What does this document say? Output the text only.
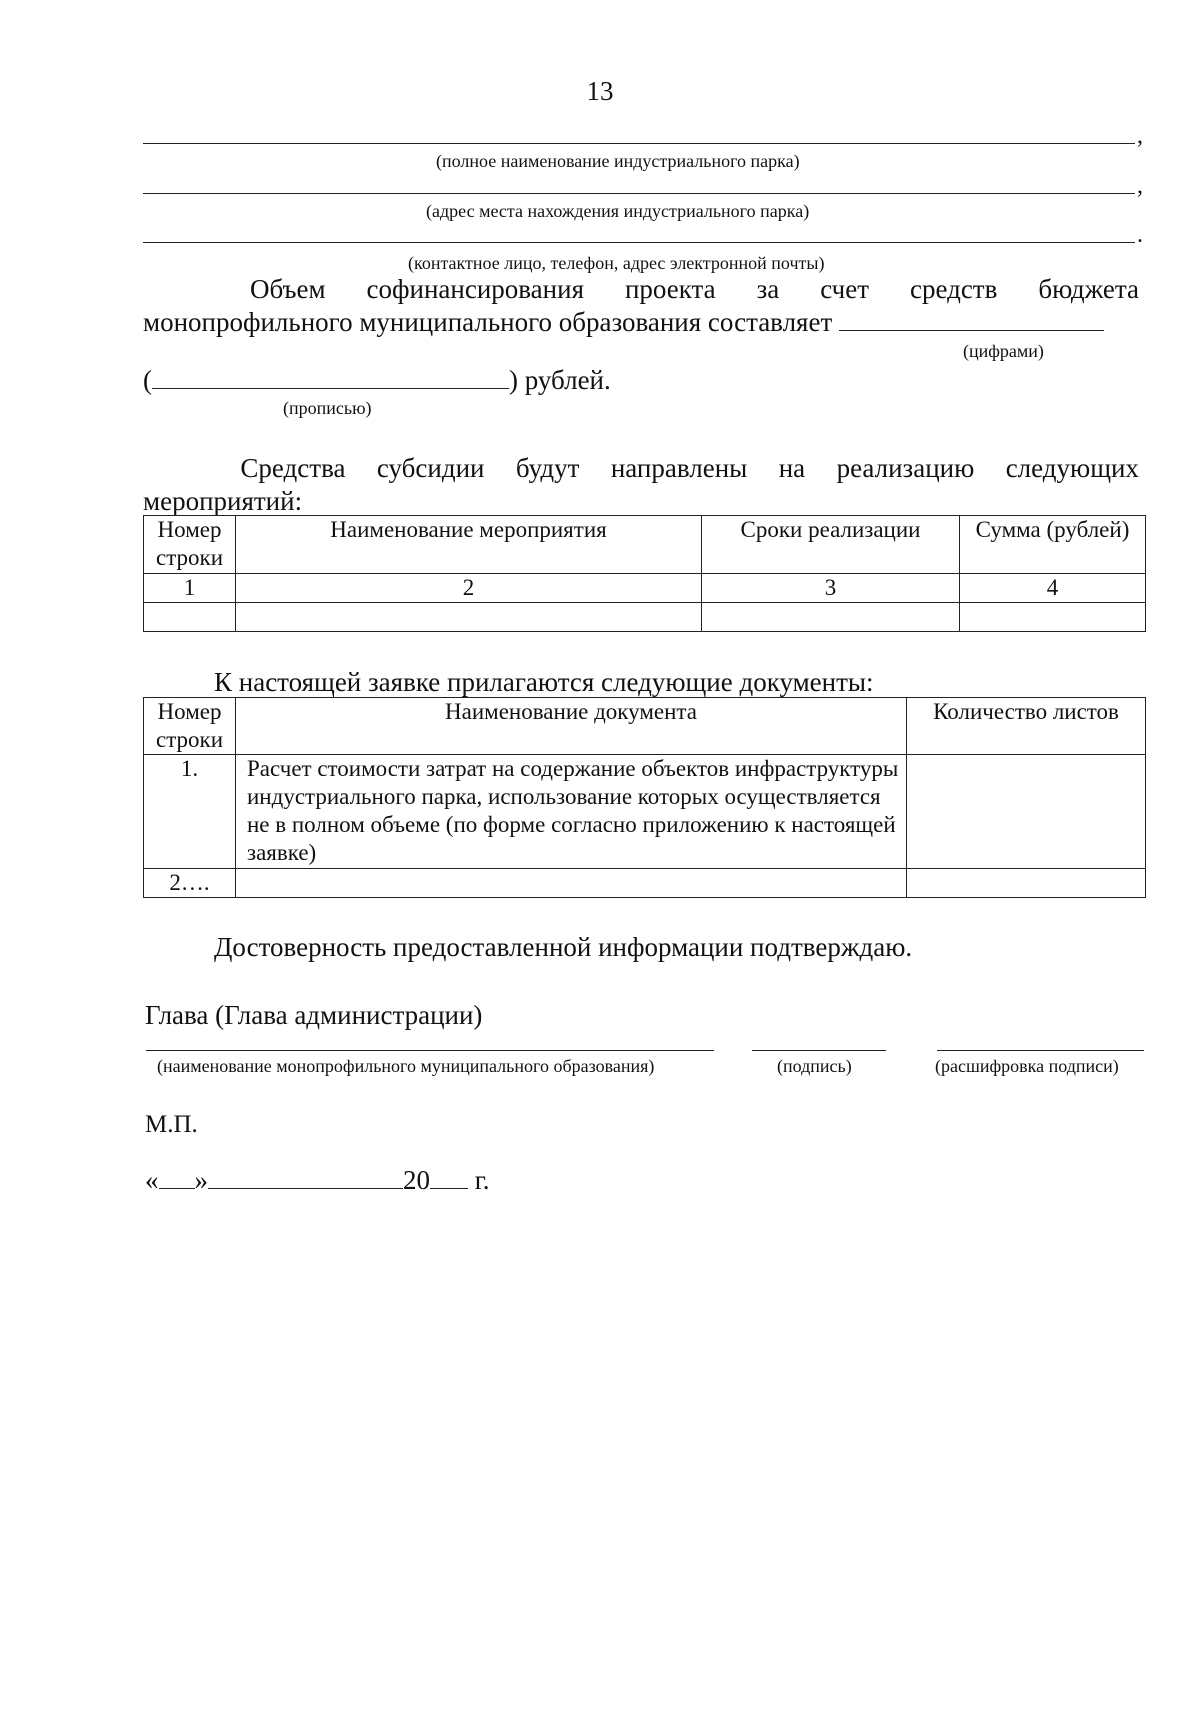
13
,
(полное наименование индустриального парка)
,
(адрес места нахождения индустриального парка)
.
(контактное лицо, телефон, адрес электронной почты)
Объем софинансирования проекта за счет средств бюджета
монопрофильного муниципального образования составляет
(цифрами)
(	) рублей.
(прописью)
Средства субсидии будут направлены на реализацию следующих
мероприятий:
Номер строки	Наименование мероприятия	Сроки реализации	Сумма (рублей)
1	2	3	4

К настоящей заявке прилагаются следующие документы:
Номер строки	Наименование документа	Количество листов
1.	Расчет стоимости затрат на содержание объектов инфраструктуры индустриального парка, использование которых осуществляется не в полном объеме (по форме согласно приложению к настоящей заявке)	
2….		
Достоверность предоставленной информации подтверждаю.
Глава (Глава администрации)
(наименование монопрофильного муниципального образования)	(подпись)	(расшифровка подписи)
М.П.
« »	20 г.
